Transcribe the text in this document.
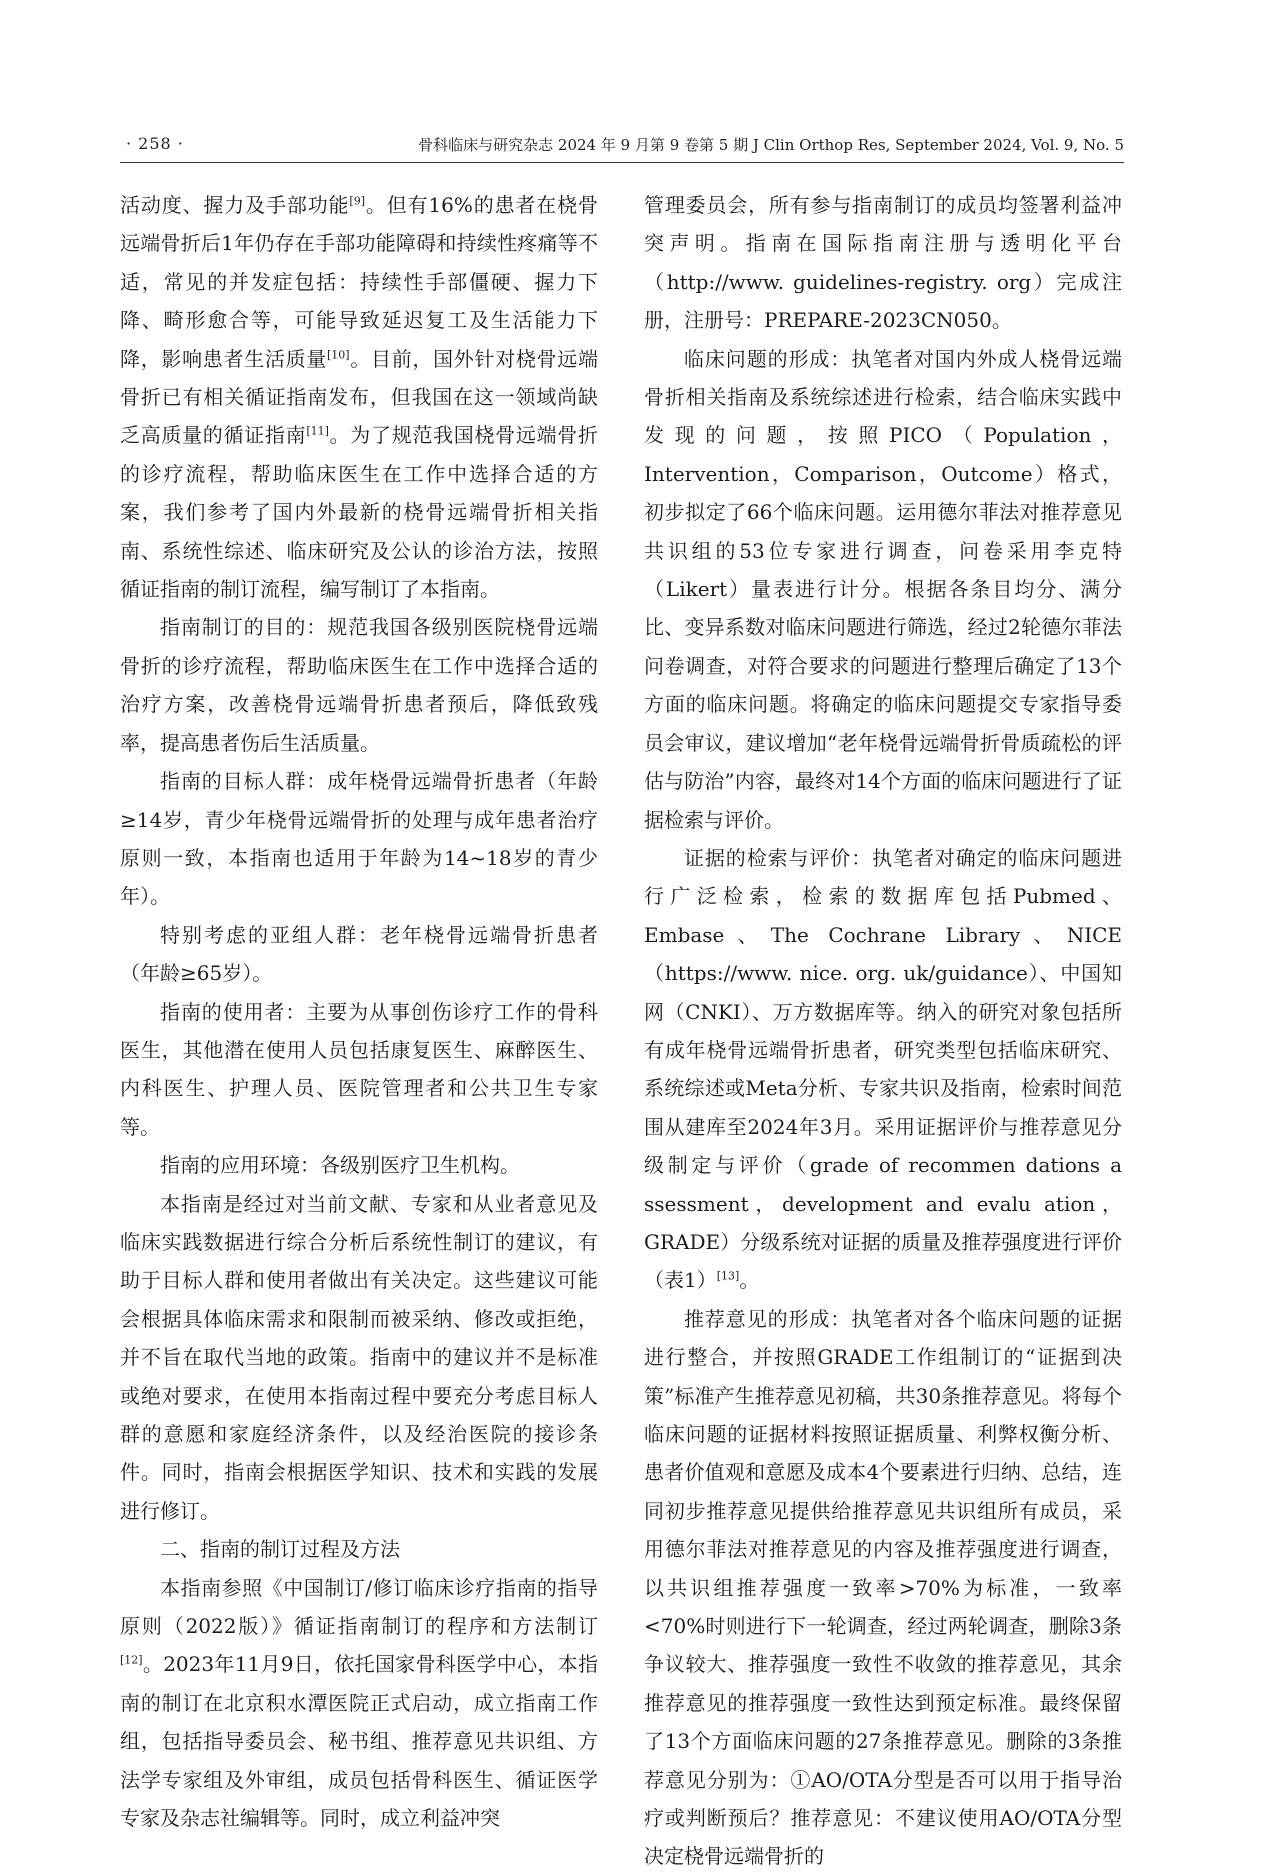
· 258 ·	骨科临床与研究杂志 2024 年 9 月第 9 卷第 5 期 J Clin Orthop Res, September 2024, Vol. 9, No. 5

活动度、握力及手部功能[9]。但有16%的患者在桡骨远端骨折后1年仍存在手部功能障碍和持续性疼痛等不适，常见的并发症包括：持续性手部僵硬、握力下降、畸形愈合等，可能导致延迟复工及生活能力下降，影响患者生活质量[10]。目前，国外针对桡骨远端骨折已有相关循证指南发布，但我国在这一领域尚缺乏高质量的循证指南[11]。为了规范我国桡骨远端骨折的诊疗流程，帮助临床医生在工作中选择合适的方案，我们参考了国内外最新的桡骨远端骨折相关指南、系统性综述、临床研究及公认的诊治方法，按照循证指南的制订流程，编写制订了本指南。

指南制订的目的：规范我国各级别医院桡骨远端骨折的诊疗流程，帮助临床医生在工作中选择合适的治疗方案，改善桡骨远端骨折患者预后，降低致残率，提高患者伤后生活质量。

指南的目标人群：成年桡骨远端骨折患者（年龄≥14岁，青少年桡骨远端骨折的处理与成年患者治疗原则一致，本指南也适用于年龄为14~18岁的青少年）。

特别考虑的亚组人群：老年桡骨远端骨折患者（年龄≥65岁）。

指南的使用者：主要为从事创伤诊疗工作的骨科医生，其他潜在使用人员包括康复医生、麻醉医生、内科医生、护理人员、医院管理者和公共卫生专家等。

指南的应用环境：各级别医疗卫生机构。

本指南是经过对当前文献、专家和从业者意见及临床实践数据进行综合分析后系统性制订的建议，有助于目标人群和使用者做出有关决定。这些建议可能会根据具体临床需求和限制而被采纳、修改或拒绝，并不旨在取代当地的政策。指南中的建议并不是标准或绝对要求，在使用本指南过程中要充分考虑目标人群的意愿和家庭经济条件，以及经治医院的接诊条件。同时，指南会根据医学知识、技术和实践的发展进行修订。

二、指南的制订过程及方法

本指南参照《中国制订/修订临床诊疗指南的指导原则（2022版）》循证指南制订的程序和方法制订[12]。2023年11月9日，依托国家骨科医学中心，本指南的制订在北京积水潭医院正式启动，成立指南工作组，包括指导委员会、秘书组、推荐意见共识组、方法学专家组及外审组，成员包括骨科医生、循证医学专家及杂志社编辑等。同时，成立利益冲突

管理委员会，所有参与指南制订的成员均签署利益冲突声明。指南在国际指南注册与透明化平台（http://www. guidelines-registry. org）完成注册，注册号：PREPARE-2023CN050。

临床问题的形成：执笔者对国内外成人桡骨远端骨折相关指南及系统综述进行检索，结合临床实践中发现的问题，按照PICO（Population，Intervention，Comparison，Outcome）格式，初步拟定了66个临床问题。运用德尔菲法对推荐意见共识组的53位专家进行调查，问卷采用李克特（Likert）量表进行计分。根据各条目均分、满分比、变异系数对临床问题进行筛选，经过2轮德尔菲法问卷调查，对符合要求的问题进行整理后确定了13个方面的临床问题。将确定的临床问题提交专家指导委员会审议，建议增加“老年桡骨远端骨折骨质疏松的评估与防治”内容，最终对14个方面的临床问题进行了证据检索与评价。

证据的检索与评价：执笔者对确定的临床问题进行广泛检索，检索的数据库包括Pubmed、Embase、The Cochrane Library、NICE（https://www. nice. org. uk/guidance）、中国知网（CNKI）、万方数据库等。纳入的研究对象包括所有成年桡骨远端骨折患者，研究类型包括临床研究、系统综述或Meta分析、专家共识及指南，检索时间范围从建库至2024年3月。采用证据评价与推荐意见分级制定与评价（grade of recommen dations a ssessment，development and evalu ation，GRADE）分级系统对证据的质量及推荐强度进行评价（表1）[13]。

推荐意见的形成：执笔者对各个临床问题的证据进行整合，并按照GRADE工作组制订的“证据到决策”标准产生推荐意见初稿，共30条推荐意见。将每个临床问题的证据材料按照证据质量、利弊权衡分析、患者价值观和意愿及成本4个要素进行归纳、总结，连同初步推荐意见提供给推荐意见共识组所有成员，采用德尔菲法对推荐意见的内容及推荐强度进行调查，以共识组推荐强度一致率>70%为标准，一致率<70%时则进行下一轮调查，经过两轮调查，删除3条争议较大、推荐强度一致性不收敛的推荐意见，其余推荐意见的推荐强度一致性达到预定标准。最终保留了13个方面临床问题的27条推荐意见。删除的3条推荐意见分别为：①AO/OTA分型是否可以用于指导治疗或判断预后？推荐意见：不建议使用AO/OTA分型决定桡骨远端骨折的
